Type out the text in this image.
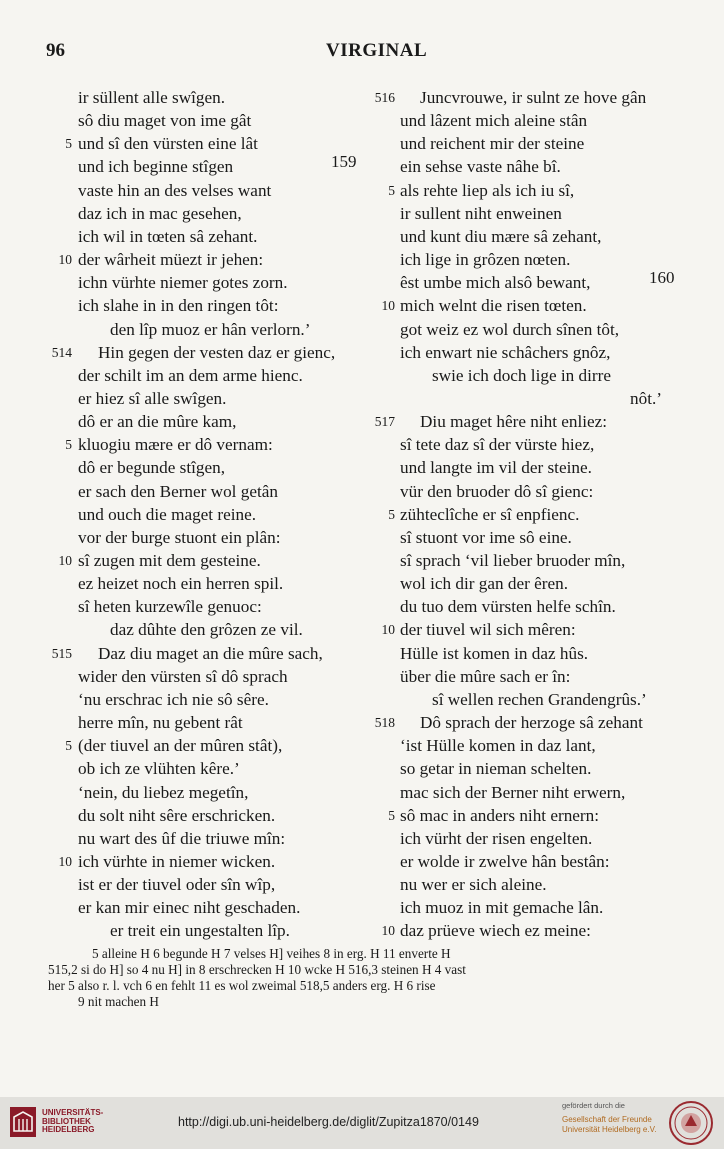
96	VIRGINAL
ir süllent alle swîgen.
sô diu maget von ime gât
5 und sî den vürsten eine lât
und ich beginne stîgen
vaste hin an des velses want
daz ich in mac gesehen,
ich wil in tœten sâ zehant.
10 der wârheit müezt ir jehen:
ichn vürhte niemer gotes zorn.
ich slahe in in den ringen tôt:
den lîp muoz er hân verlorn.’
514 Hin gegen der vesten daz er gienc,
der schilt im an dem arme hienc.
er hiez sî alle swîgen.
dô er an die mûre kam,
5 kluogiu mære er dô vernam:
dô er begunde stîgen,
er sach den Berner wol getân
und ouch die maget reine.
vor der burge stuont ein plân:
10 sî zugen mit dem gesteine.
ez heizet noch ein herren spil.
sî heten kurzewîle genuoc:
daz dûhte den grôzen ze vil.
515 Daz diu maget an die mûre sach,
wider den vürsten sî dô sprach
‘nu erschrac ich nie sô sêre.
herre mîn, nu gebent rât
5 (der tiuvel an der mûren stât),
ob ich ze vlühten kêre.’
‘nein, du liebez megetîn,
du solt niht sêre erschricken.
nu wart des ûf die triuwe mîn:
10 ich vürhte in niemer wicken.
ist er der tiuvel oder sîn wîp,
er kan mir einec niht geschaden.
er treit ein ungestalten lîp.
516 Juncvrouwe, ir sulnt ze hove gân
und lâzent mich aleine stân
und reichent mir der steine
ein sehse vaste nâhe bî.
5 als rehte liep als ich iu sî,
ir sullent niht enweinen
und kunt diu mære sâ zehant,
ich lige in grôzen nœten.
êst umbe mich alsô bewant,
10 mich welnt die risen tœten.
got weiz ez wol durch sînen tôt,
ich enwart nie schâchers gnôz,
swie ich doch lige in dirre
nôt.’
517 Diu maget hêre niht enliez:
sî tete daz sî der vürste hiez,
und langte im vil der steine.
vür den bruoder dô sî gienc:
5 zühteclîche er sî enpfienc.
sî stuont vor ime sô eine.
sî sprach ‘vil lieber bruoder mîn,
wol ich dir gan der êren.
du tuo dem vürsten helfe schîn.
10 der tiuvel wil sich mêren:
Hülle ist komen in daz hûs.
über die mûre sach er în:
sî wellen rechen Grandengrûs.’
518 Dô sprach der herzoge sâ zehant
‘ist Hülle komen in daz lant,
so getar in nieman schelten.
mac sich der Berner niht erwern,
5 sô mac in anders niht ernern:
ich vürht der risen engelten.
er wolde ir zwelve hân bestân:
nu wer er sich aleine.
ich muoz in mit gemache lân.
10 daz prüeve wiech ez meine:
159
160
5 alleine H 6 begunde H 7 velses H] veihes 8 in erg. H 11 enverte H
515,2 si do H] so 4 nu H] in 8 erschrecken H 10 wcke H 516,3 steinen H 4 vast
her 5 also r. l. vch 6 en fehlt 11 es wol zweimal 518,5 anders erg. H 6 rise
9 nit machen H
UNIVERSITÄTS-
BIBLIOTHEK
HEIDELBERG
http://digi.ub.uni-heidelberg.de/diglit/Zupitza1870/0149
gefördert durch die
Gesellschaft der Freunde
Universität Heidelberg e.V.
